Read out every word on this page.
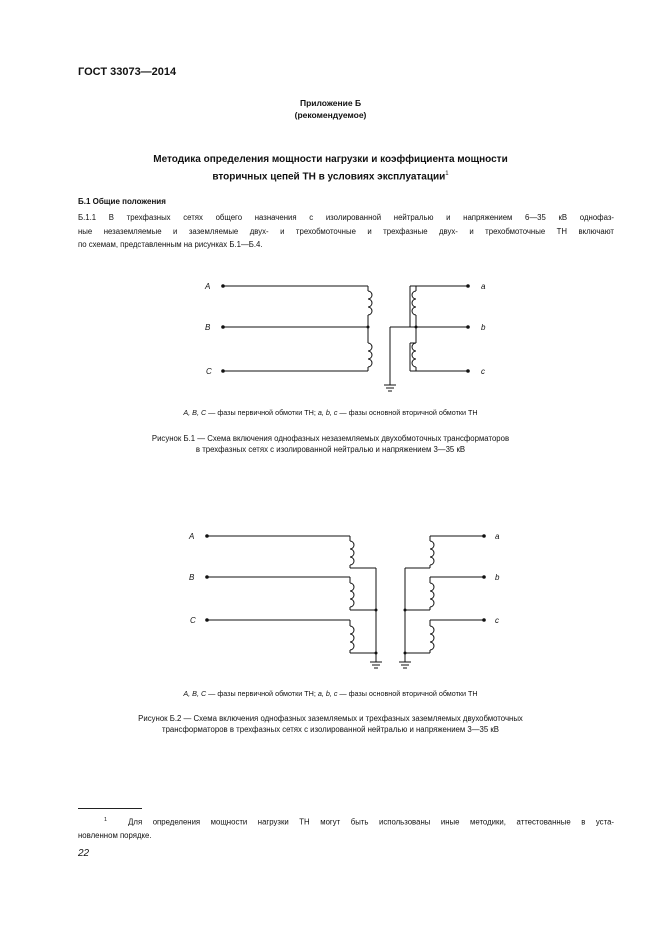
ГОСТ 33073—2014
Приложение Б
(рекомендуемое)
Методика определения мощности нагрузки и коэффициента мощности
вторичных цепей ТН в условиях эксплуатации$^1$
Б.1 Общие положения
Б.1.1 В трехфазных сетях общего назначения с изолированной нейтралью и напряжением 6—35 кВ однофаз-
ные незаземляемые и заземляемые двух- и трехобмоточные и трехфазные двух- и трехобмоточные ТН включают
по схемам, представленным на рисунках Б.1—Б.4.
A
B
C
a
b
c
A, B, C — фазы первичной обмотки ТН; a, b, c — фазы основной вторичной обмотки ТН
Рисунок Б.1 — Схема включения однофазных незаземляемых двухобмоточных трансформаторов
в трехфазных сетях с изолированной нейтралью и напряжением 3—35 кВ
A
B
C
a
b
c
A, B, C — фазы первичной обмотки ТН; a, b, c — фазы основной вторичной обмотки ТН
Рисунок Б.2 — Схема включения однофазных заземляемых и трехфазных заземляемых двухобмоточных
трансформаторов в трехфазных сетях с изолированной нейтралью и напряжением 3—35 кВ
$^1$	Для определения мощности нагрузки ТН могут быть использованы иные методики, аттестованные в уста-
новленном порядке.
22
